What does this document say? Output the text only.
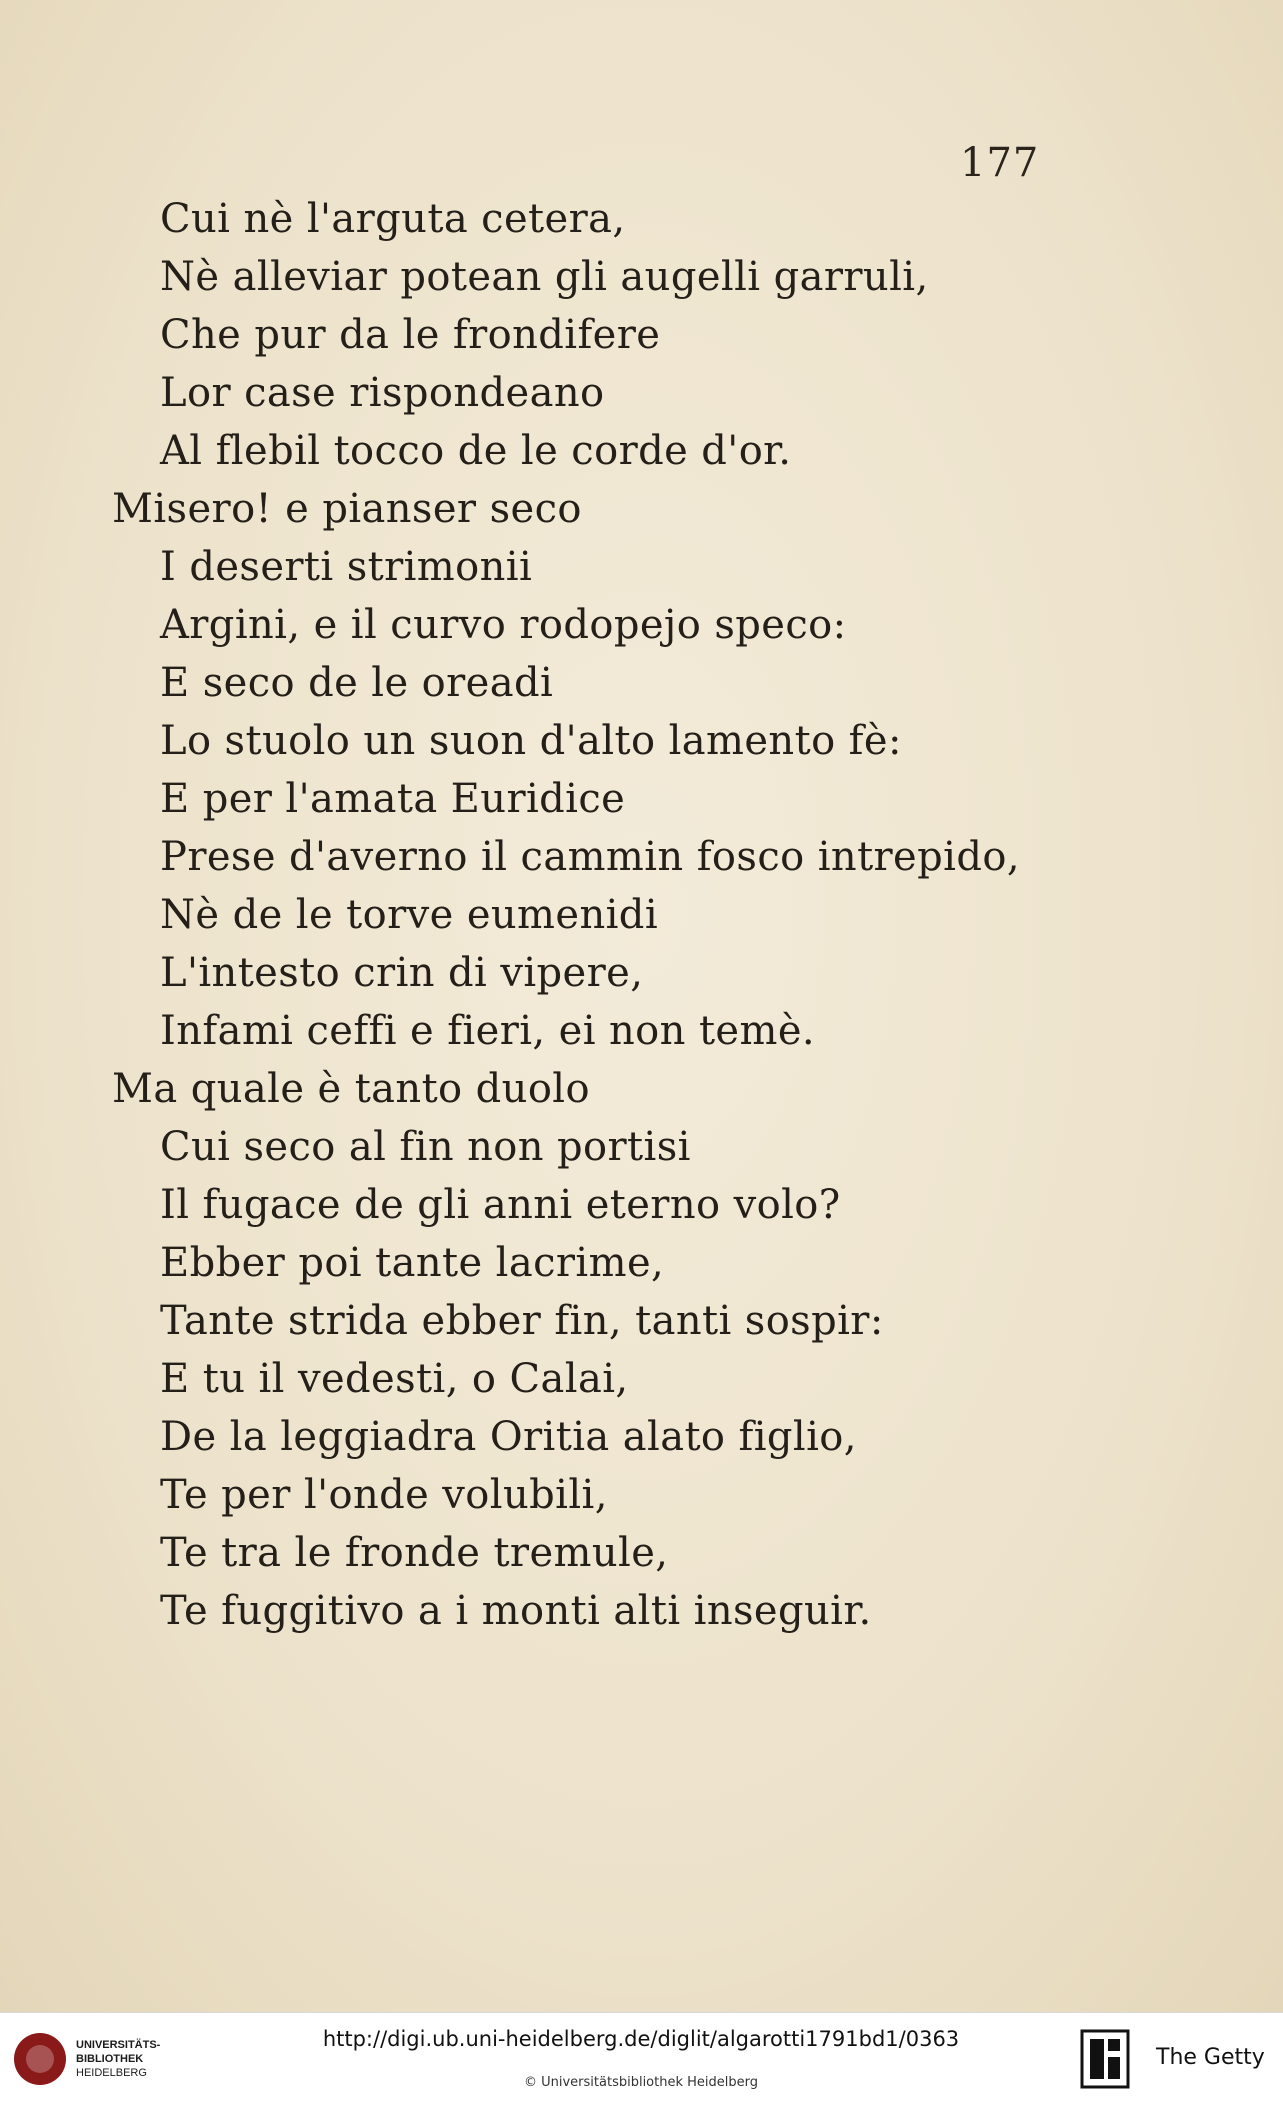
177
Cui nè l'arguta cetera,
Nè alleviar potean gli augelli garruli,
Che pur da le frondifere
Lor case rispondeano
Al flebil tocco de le corde d'or.
Misero! e pianser seco
I deserti strimonii
Argini, e il curvo rodopejo speco:
E seco de le oreadi
Lo stuolo un suon d'alto lamento fè:
E per l'amata Euridice
Prese d'averno il cammin fosco intrepido,
Nè de le torve eumenidi
L'intesto crin di vipere,
Infami ceffi e fieri, ei non temè.
Ma quale è tanto duolo
Cui seco al fin non portisi
Il fugace de gli anni eterno volo?
Ebber poi tante lacrime,
Tante strida ebber fin, tanti sospir:
E tu il vedesti, o Calai,
De la leggiadra Oritia alato figlio,
Te per l'onde volubili,
Te tra le fronde tremule,
Te fuggitivo a i monti alti inseguir.
UNIVERSITÄTS-
BIBLIOTHEK
HEIDELBERG
http://digi.ub.uni-heidelberg.de/diglit/algarotti1791bd1/0363
© Universitätsbibliothek Heidelberg
The Getty
